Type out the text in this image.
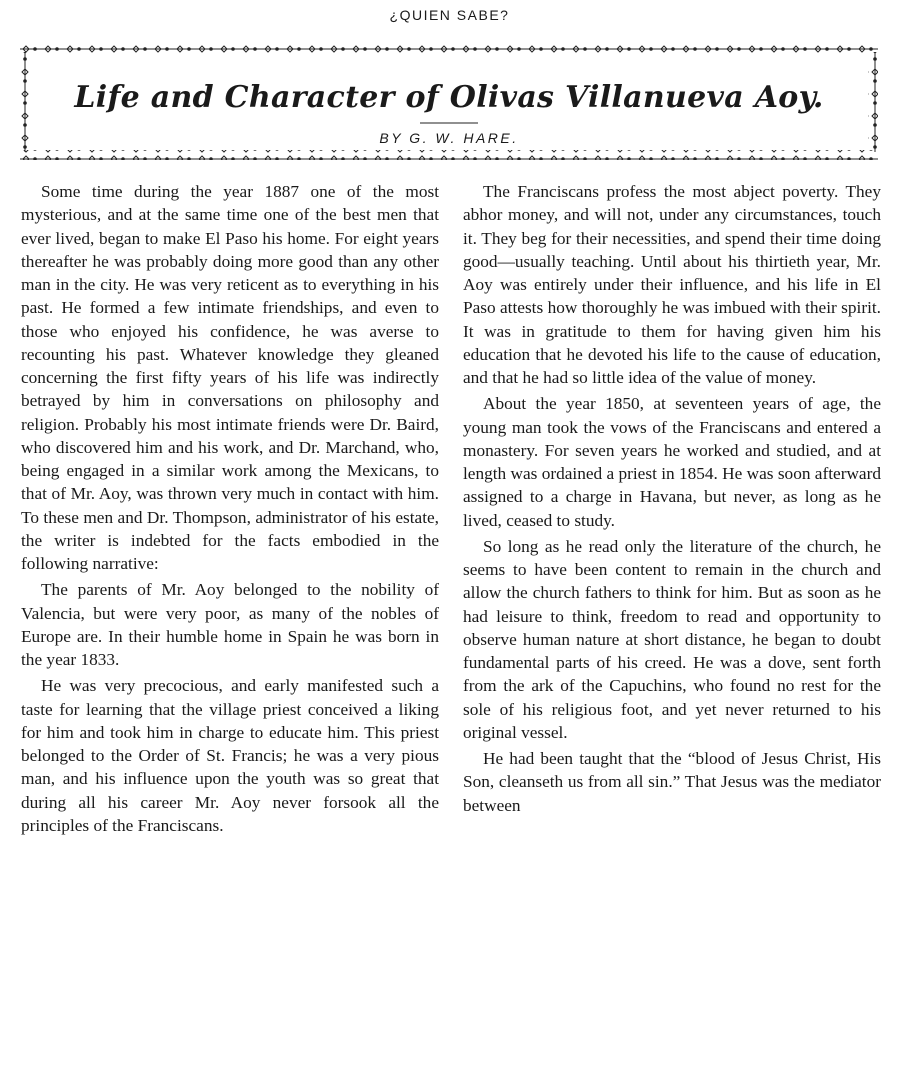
¿QUIEN SABE?
Life and Character of Olivas Villanueva Aoy.
BY G. W. HARE.

Some time during the year 1887 one of the most mysterious, and at the same time one of the best men that ever lived, began to make El Paso his home. For eight years thereafter he was probably doing more good than any other man in the city. He was very reticent as to everything in his past. He formed a few intimate friendships, and even to those who enjoyed his confidence, he was averse to recounting his past. Whatever knowledge they gleaned concerning the first fifty years of his life was indirectly betrayed by him in conversations on philosophy and religion. Probably his most intimate friends were Dr. Baird, who discovered him and his work, and Dr. Marchand, who, being engaged in a similar work among the Mexicans, to that of Mr. Aoy, was thrown very much in contact with him. To these men and Dr. Thompson, administrator of his estate, the writer is indebted for the facts embodied in the following narrative:

The parents of Mr. Aoy belonged to the nobility of Valencia, but were very poor, as many of the nobles of Europe are. In their humble home in Spain he was born in the year 1833.

He was very precocious, and early manifested such a taste for learning that the village priest conceived a liking for him and took him in charge to educate him. This priest belonged to the Order of St. Francis; he was a very pious man, and his influence upon the youth was so great that during all his career Mr. Aoy never forsook all the principles of the Franciscans.

The Franciscans profess the most abject poverty. They abhor money, and will not, under any circumstances, touch it. They beg for their necessities, and spend their time doing good—usually teaching. Until about his thirtieth year, Mr. Aoy was entirely under their influence, and his life in El Paso attests how thoroughly he was imbued with their spirit. It was in gratitude to them for having given him his education that he devoted his life to the cause of education, and that he had so little idea of the value of money.

About the year 1850, at seventeen years of age, the young man took the vows of the Franciscans and entered a monastery. For seven years he worked and studied, and at length was ordained a priest in 1854. He was soon afterward assigned to a charge in Havana, but never, as long as he lived, ceased to study.

So long as he read only the literature of the church, he seems to have been content to remain in the church and allow the church fathers to think for him. But as soon as he had leisure to think, freedom to read and opportunity to observe human nature at short distance, he began to doubt fundamental parts of his creed. He was a dove, sent forth from the ark of the Capuchins, who found no rest for the sole of his religious foot, and yet never returned to his original vessel.

He had been taught that the “blood of Jesus Christ, His Son, cleanseth us from all sin.” That Jesus was the mediator between
